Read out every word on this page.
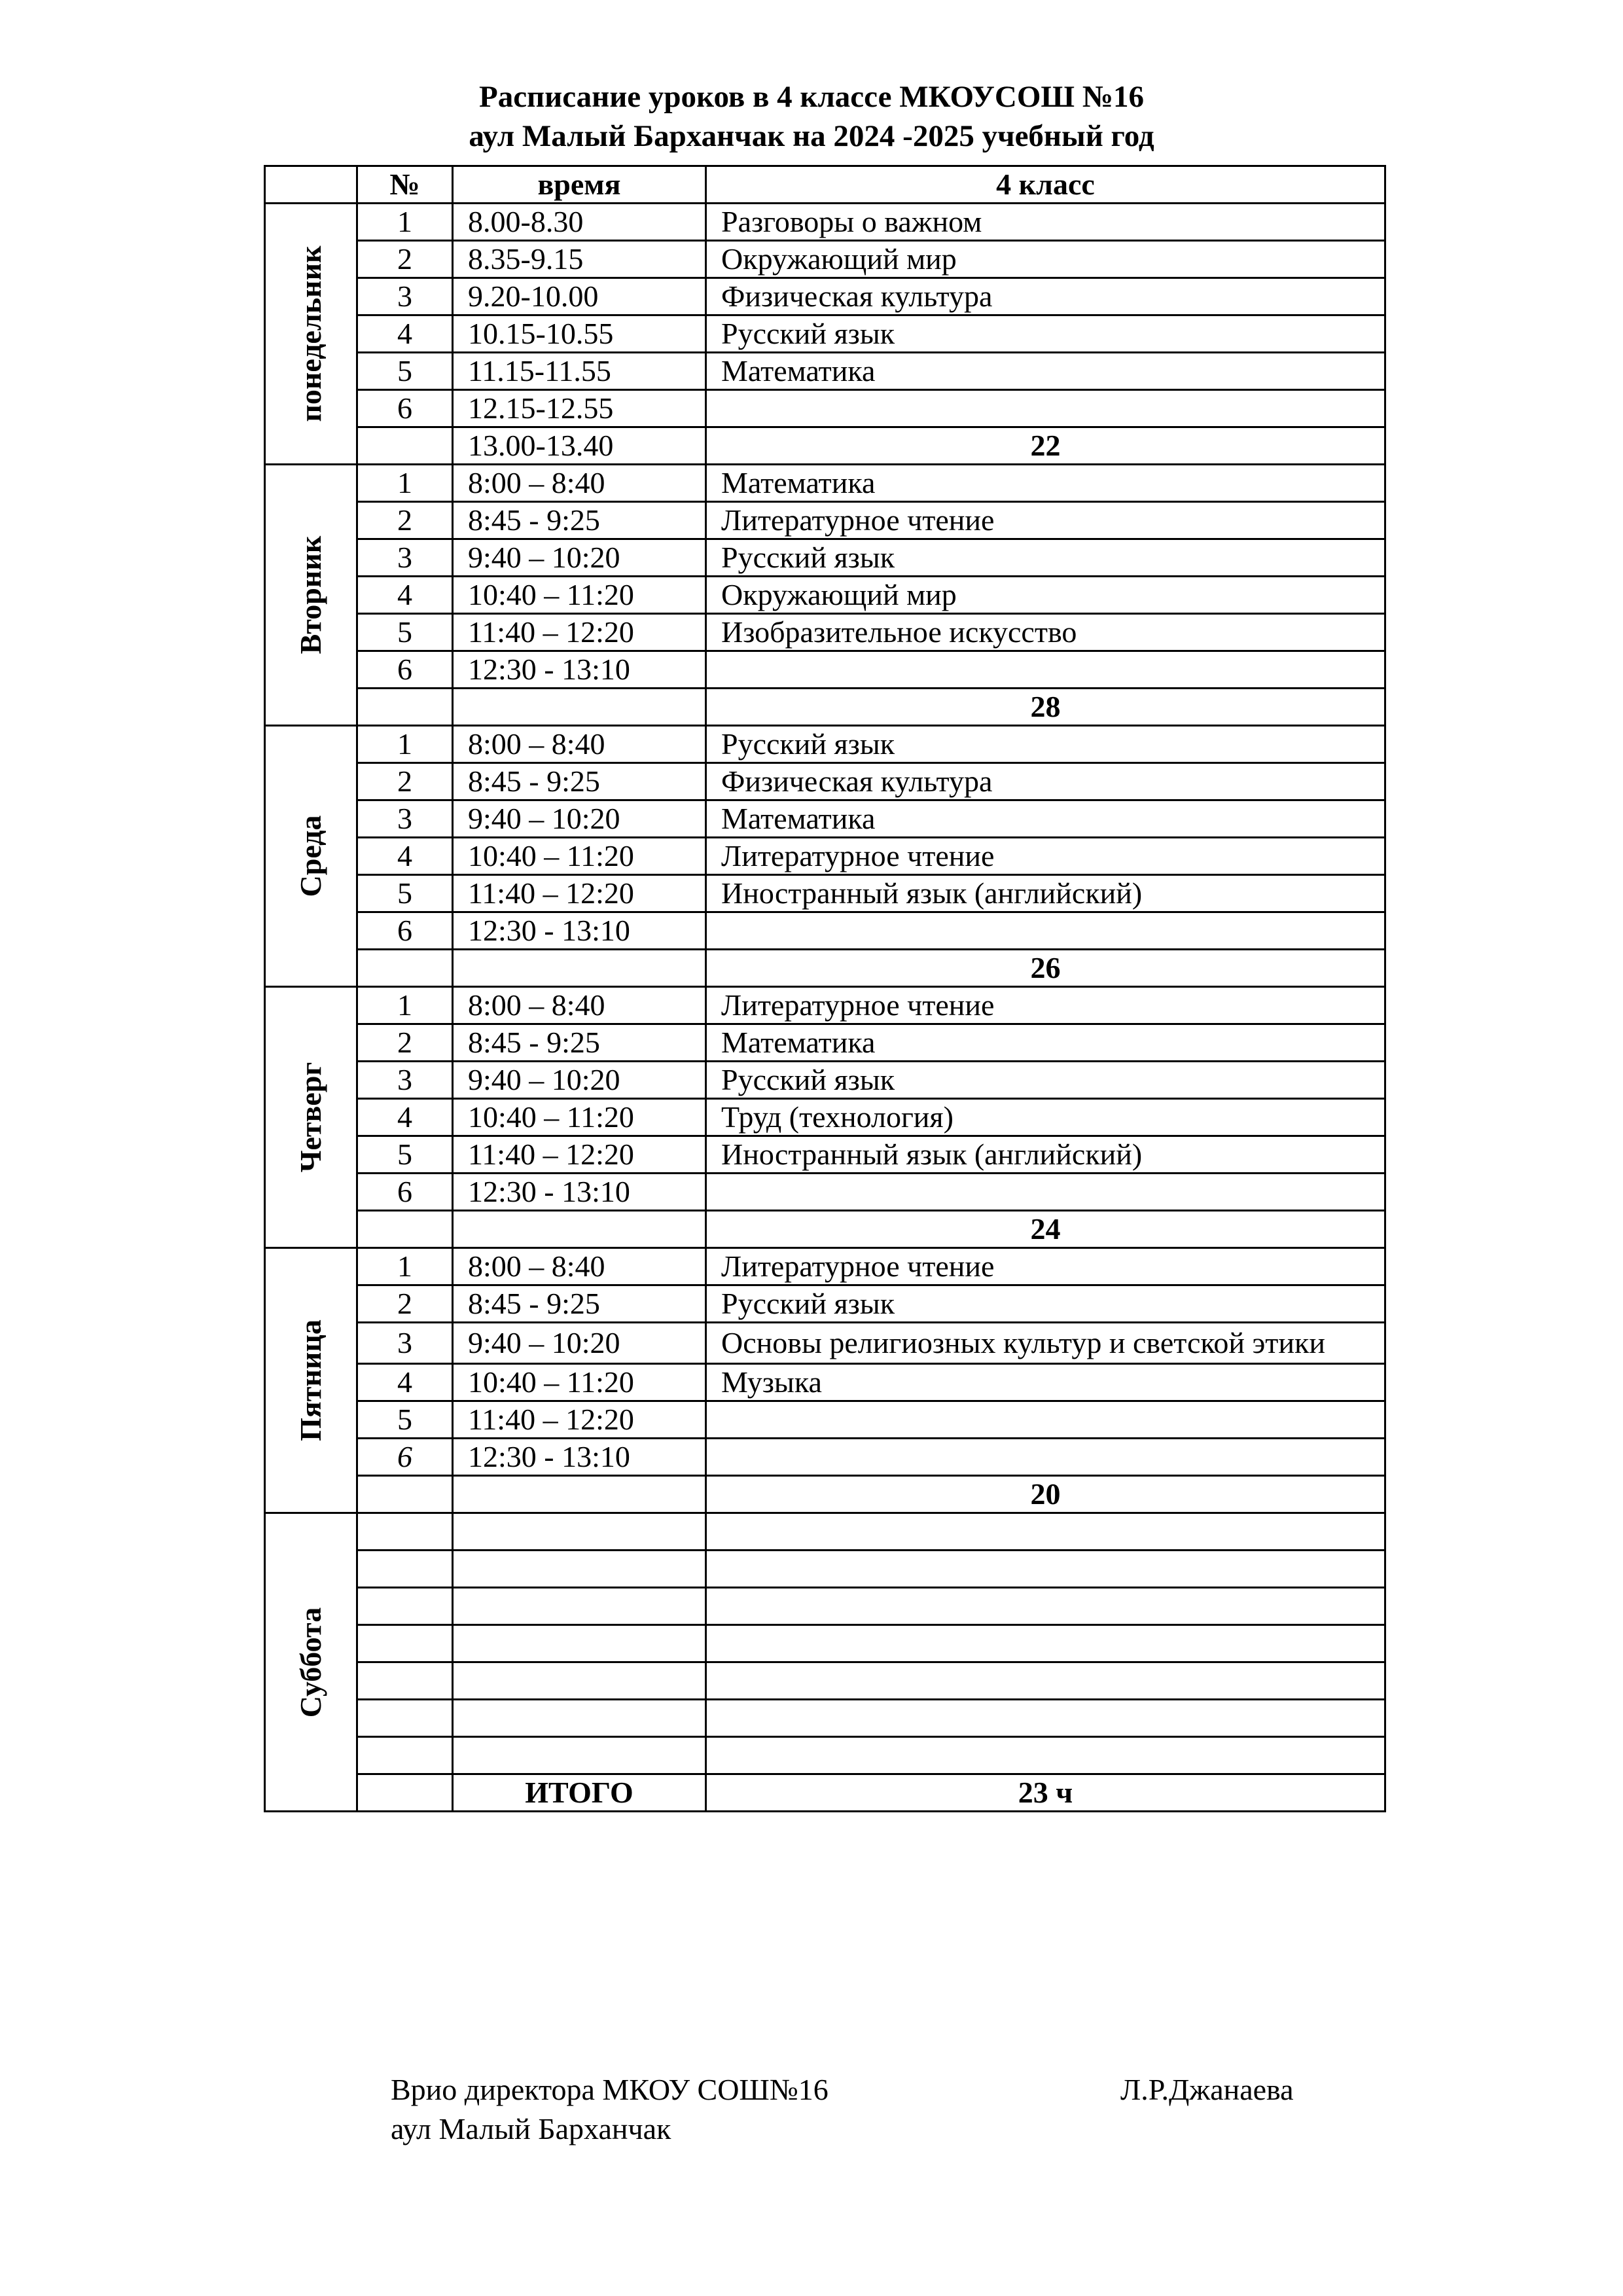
Расписание уроков в 4 классе МКОУСОШ №16
аул Малый Барханчак на 2024 -2025 учебный год
	№	время	4 класс

понедельник	1	8.00-8.30	Разговоры о важном
	2	8.35-9.15	Окружающий мир
	3	9.20-10.00	Физическая культура
	4	10.15-10.55	Русский язык
	5	11.15-11.55	Математика
	6	12.15-12.55	
		13.00-13.40	22

Вторник	1	8:00 – 8:40	Математика
	2	8:45 - 9:25	Литературное чтение
	3	9:40 – 10:20	Русский язык
	4	10:40 – 11:20	Окружающий мир
	5	11:40 – 12:20	Изобразительное искусство
	6	12:30 - 13:10	
			28

Среда	1	8:00 – 8:40	Русский язык
	2	8:45 - 9:25	Физическая культура
	3	9:40 – 10:20	Математика
	4	10:40 – 11:20	Литературное чтение
	5	11:40 – 12:20	Иностранный язык (английский)
	6	12:30 - 13:10	
			26

Четверг	1	8:00 – 8:40	Литературное чтение
	2	8:45 - 9:25	Математика
	3	9:40 – 10:20	Русский язык
	4	10:40 – 11:20	Труд (технология)
	5	11:40 – 12:20	Иностранный язык (английский)
	6	12:30 - 13:10	
			24

Пятница	1	8:00 – 8:40	Литературное чтение
	2	8:45 - 9:25	Русский язык
	3	9:40 – 10:20	Основы религиозных культур и светской этики
	4	10:40 – 11:20	Музыка
	5	11:40 – 12:20	
	6	12:30 - 13:10	
			20

Суббота			

		ИТОГО	23 ч
Врио директора МКОУ СОШ№16
аул Малый Барханчак
Л.Р.Джанаева
